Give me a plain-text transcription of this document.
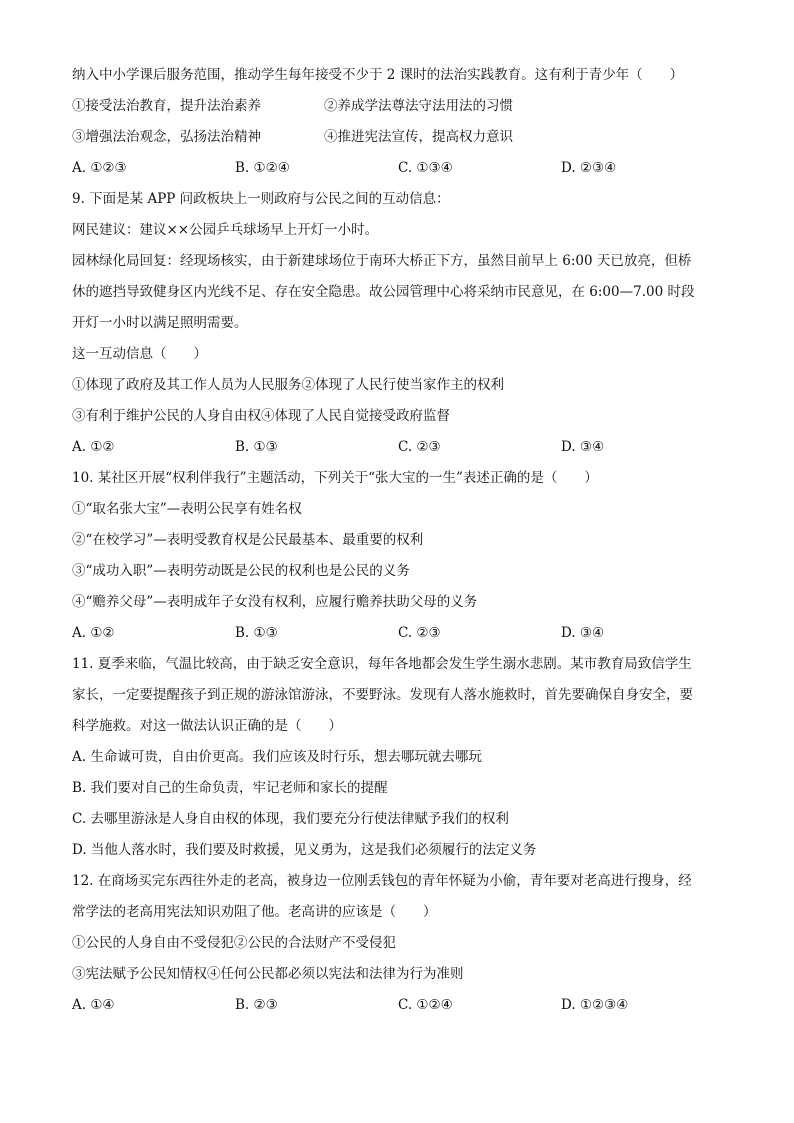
纳入中小学课后服务范围，推动学生每年接受不少于 2 课时的法治实践教育。这有利于青少年（　　）
①接受法治教育，提升法治素养	②养成学法尊法守法用法的习惯
③增强法治观念，弘扬法治精神	④推进宪法宣传，提高权力意识
A. ①②③	B. ①②④	C. ①③④	D. ②③④
9. 下面是某 APP 问政板块上一则政府与公民之间的互动信息：
网民建议：建议××公园乒乓球场早上开灯一小时。
园林绿化局回复：经现场核实，由于新建球场位于南环大桥正下方，虽然目前早上 6:00 天已放亮，但桥
休的遮挡导致健身区内光线不足、存在安全隐患。故公园管理中心将采纳市民意见，在 6:00—7.00 时段
开灯一小时以满足照明需要。
这一互动信息（　　）
①体现了政府及其工作人员为人民服务②体现了人民行使当家作主的权利
③有利于维护公民的人身自由权④体现了人民自觉接受政府监督
A. ①②	B. ①③	C. ②③	D. ③④
10. 某社区开展“权利伴我行”主题活动，下列关于“张大宝的一生”表述正确的是（　　）
①“取名张大宝”—表明公民享有姓名权
②“在校学习”—表明受教育权是公民最基本、最重要的权利
③“成功入职”—表明劳动既是公民的权利也是公民的义务
④“赡养父母”—表明成年子女没有权利，应履行赡养扶助父母的义务
A. ①②	B. ①③	C. ②③	D. ③④
11. 夏季来临，气温比较高，由于缺乏安全意识，每年各地都会发生学生溺水悲剧。某市教育局致信学生
家长，一定要提醒孩子到正规的游泳馆游泳，不要野泳。发现有人落水施救时，首先要确保自身安全，要
科学施救。对这一做法认识正确的是（　　）
A. 生命诚可贵，自由价更高。我们应该及时行乐，想去哪玩就去哪玩
B. 我们要对自己的生命负责，牢记老师和家长的提醒
C. 去哪里游泳是人身自由权的体现，我们要充分行使法律赋予我们的权利
D. 当他人落水时，我们要及时救援，见义勇为，这是我们必须履行的法定义务
12. 在商场买完东西往外走的老高，被身边一位刚丢钱包的青年怀疑为小偷，青年要对老高进行搜身，经
常学法的老高用宪法知识劝阻了他。老高讲的应该是（　　）
①公民的人身自由不受侵犯②公民的合法财产不受侵犯
③宪法赋予公民知情权④任何公民都必须以宪法和法律为行为准则
A. ①④	B. ②③	C. ①②④	D. ①②③④
